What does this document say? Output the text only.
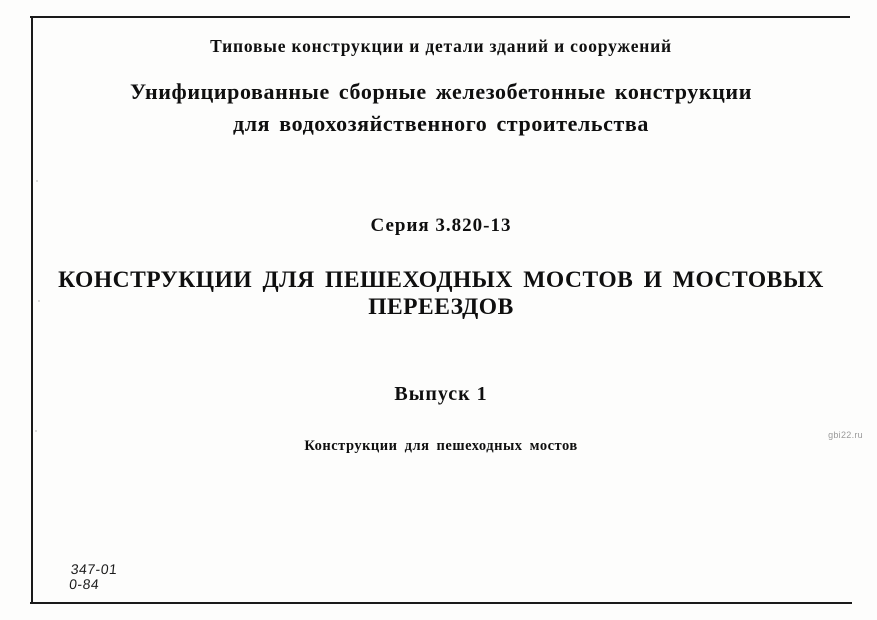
Типовые конструкции и детали зданий и сооружений
Унифицированные сборные железобетонные конструкции
для водохозяйственного строительства
Серия 3.820-13
КОНСТРУКЦИИ ДЛЯ ПЕШЕХОДНЫХ МОСТОВ И МОСТОВЫХ ПЕРЕЕЗДОВ
Выпуск 1
Конструкции для пешеходных мостов
gbi22.ru
347-01
0-84
